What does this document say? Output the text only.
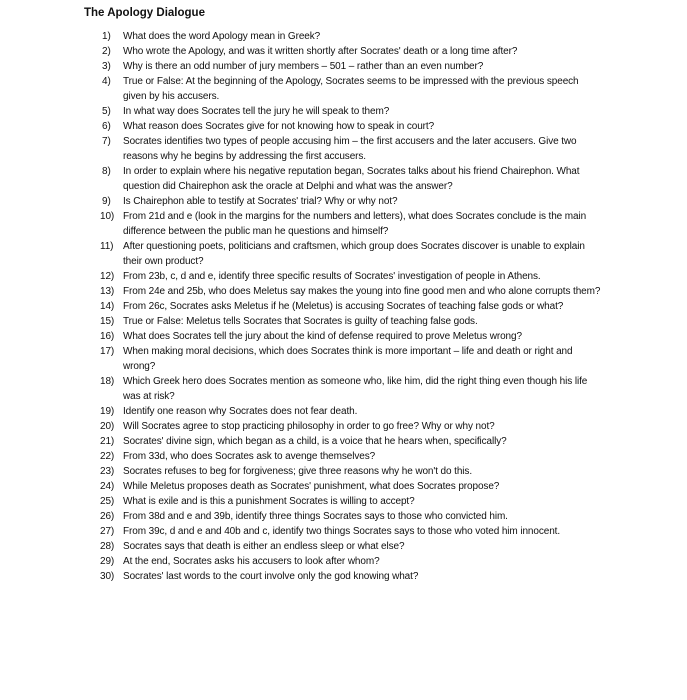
The Apology Dialogue
1) What does the word Apology mean in Greek?
2) Who wrote the Apology, and was it written shortly after Socrates' death or a long time after?
3) Why is there an odd number of jury members – 501 – rather than an even number?
4) True or False: At the beginning of the Apology, Socrates seems to be impressed with the previous speech given by his accusers.
5) In what way does Socrates tell the jury he will speak to them?
6) What reason does Socrates give for not knowing how to speak in court?
7) Socrates identifies two types of people accusing him – the first accusers and the later accusers. Give two reasons why he begins by addressing the first accusers.
8) In order to explain where his negative reputation began, Socrates talks about his friend Chairephon. What question did Chairephon ask the oracle at Delphi and what was the answer?
9) Is Chairephon able to testify at Socrates' trial? Why or why not?
10) From 21d and e (look in the margins for the numbers and letters), what does Socrates conclude is the main difference between the public man he questions and himself?
11) After questioning poets, politicians and craftsmen, which group does Socrates discover is unable to explain their own product?
12) From 23b, c, d and e, identify three specific results of Socrates' investigation of people in Athens.
13) From 24e and 25b, who does Meletus say makes the young into fine good men and who alone corrupts them?
14) From 26c, Socrates asks Meletus if he (Meletus) is accusing Socrates of teaching false gods or what?
15) True or False: Meletus tells Socrates that Socrates is guilty of teaching false gods.
16) What does Socrates tell the jury about the kind of defense required to prove Meletus wrong?
17) When making moral decisions, which does Socrates think is more important – life and death or right and wrong?
18) Which Greek hero does Socrates mention as someone who, like him, did the right thing even though his life was at risk?
19) Identify one reason why Socrates does not fear death.
20) Will Socrates agree to stop practicing philosophy in order to go free? Why or why not?
21) Socrates' divine sign, which began as a child, is a voice that he hears when, specifically?
22) From 33d, who does Socrates ask to avenge themselves?
23) Socrates refuses to beg for forgiveness; give three reasons why he won't do this.
24) While Meletus proposes death as Socrates' punishment, what does Socrates propose?
25) What is exile and is this a punishment Socrates is willing to accept?
26) From 38d and e and 39b, identify three things Socrates says to those who convicted him.
27) From 39c, d and e and 40b and c, identify two things Socrates says to those who voted him innocent.
28) Socrates says that death is either an endless sleep or what else?
29) At the end, Socrates asks his accusers to look after whom?
30) Socrates' last words to the court involve only the god knowing what?
